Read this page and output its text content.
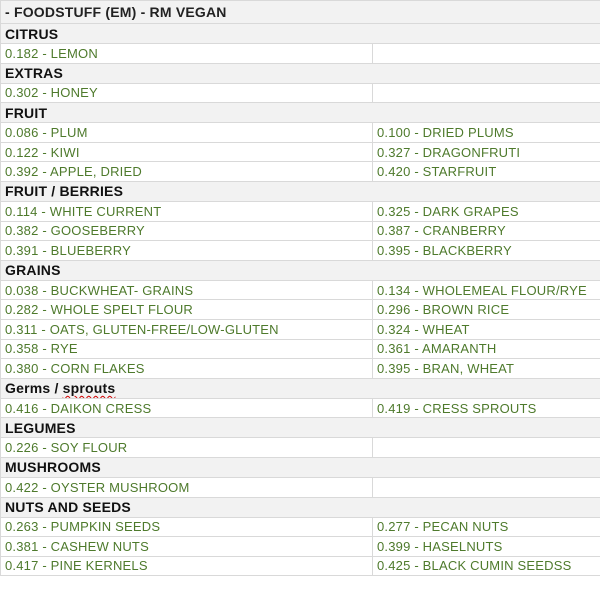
- FOODSTUFF (EM) - RM VEGAN	
CITRUS	
0.182 - LEMON	
EXTRAS	
0.302 - HONEY	
FRUIT	
0.086 - PLUM	0.100 - DRIED PLUMS
0.122 - KIWI	0.327 - DRAGONFRUTI
0.392 - APPLE, DRIED	0.420 - STARFRUIT
FRUIT / BERRIES	
0.114 - WHITE CURRENT	0.325 - DARK GRAPES
0.382 - GOOSEBERRY	0.387 - CRANBERRY
0.391 - BLUEBERRY	0.395 - BLACKBERRY
GRAINS	
0.038 - BUCKWHEAT- GRAINS	0.134 - WHOLEMEAL FLOUR/RYE
0.282 - WHOLE SPELT FLOUR	0.296 - BROWN RICE
0.311 - OATS, GLUTEN-FREE/LOW-GLUTEN	0.324 - WHEAT
0.358 - RYE	0.361 - AMARANTH
0.380 - CORN FLAKES	0.395 - BRAN, WHEAT
Germs / sprouts	
0.416 - DAIKON CRESS	0.419 - CRESS SPROUTS
LEGUMES	
0.226 - SOY FLOUR	
MUSHROOMS	
0.422 - OYSTER MUSHROOM	
NUTS AND SEEDS	
0.263 - PUMPKIN SEEDS	0.277 - PECAN NUTS
0.381 - CASHEW NUTS	0.399 - HASELNUTS
0.417 - PINE KERNELS	0.425 - BLACK CUMIN SEEDSS
